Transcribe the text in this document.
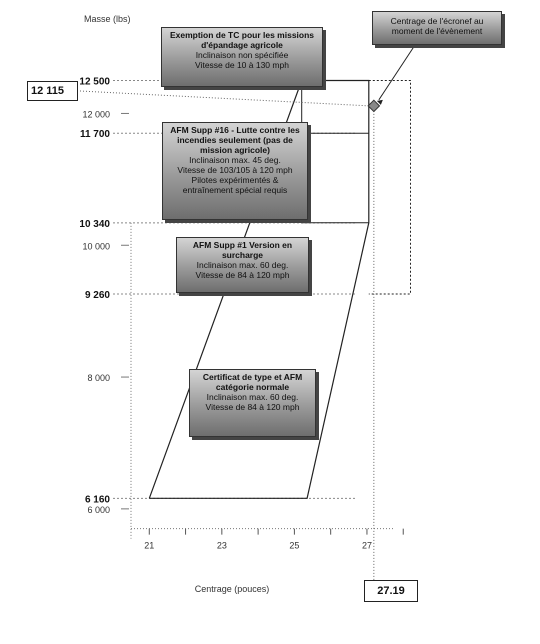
Masse (lbs)
Centrage (pouces)
21	23	25	27
12 500
11 700
10 340
9 260
6 160
12 000
10 000
8 000
6 000
Exemption de TC pour les missions d'épandage agricole
Inclinaison non spécifiée
Vitesse de 10 à 130 mph
AFM Supp #16 - Lutte contre les incendies seulement (pas de mission agricole)
Inclinaison max. 45 deg.
Vitesse de 103/105 à 120 mph
Pilotes expérimentés &
entraînement spécial requis
AFM Supp #1 Version en surcharge
Inclinaison max. 60 deg.
Vitesse de 84 à 120 mph
Certificat de type et AFM catégorie normale
Inclinaison max. 60 deg.
Vitesse de 84 à 120 mph
Centrage de l'écronef au moment de l'évènement
12 115
27.19
